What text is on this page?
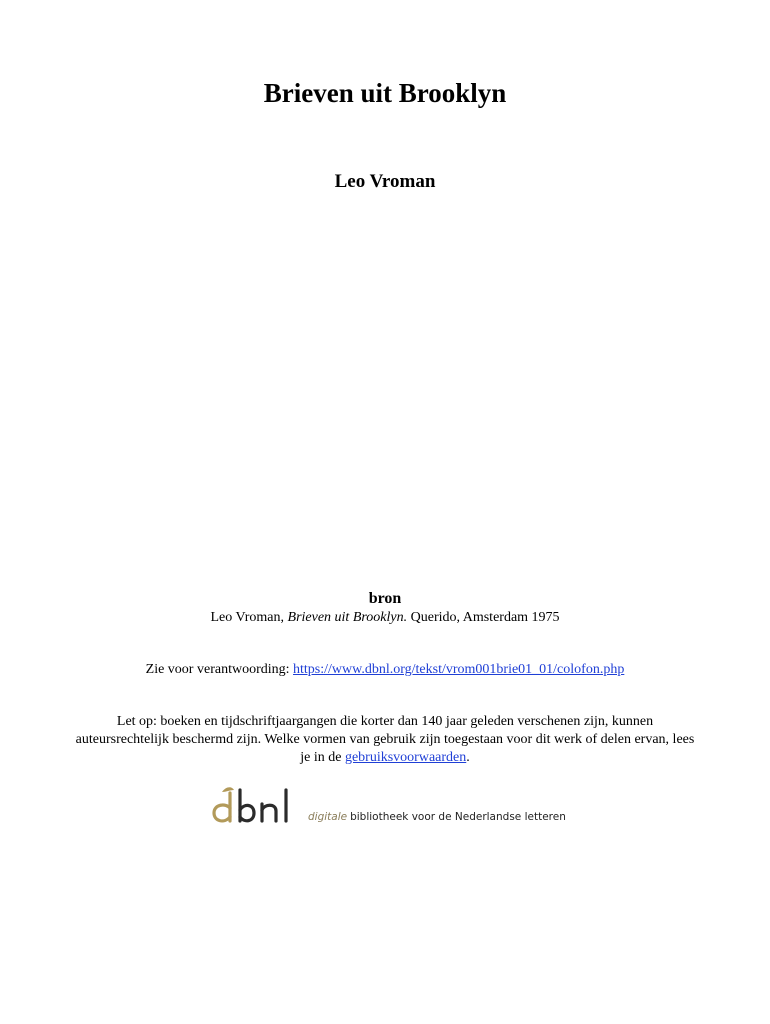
Brieven uit Brooklyn
Leo Vroman
bron
Leo Vroman, Brieven uit Brooklyn. Querido, Amsterdam 1975
Zie voor verantwoording: https://www.dbnl.org/tekst/vrom001brie01_01/colofon.php
Let op: boeken en tijdschriftjaargangen die korter dan 140 jaar geleden verschenen zijn, kunnen auteursrechtelijk beschermd zijn. Welke vormen van gebruik zijn toegestaan voor dit werk of delen ervan, lees je in de gebruiksvoorwaarden.
digitale bibliotheek voor de Nederlandse letteren
